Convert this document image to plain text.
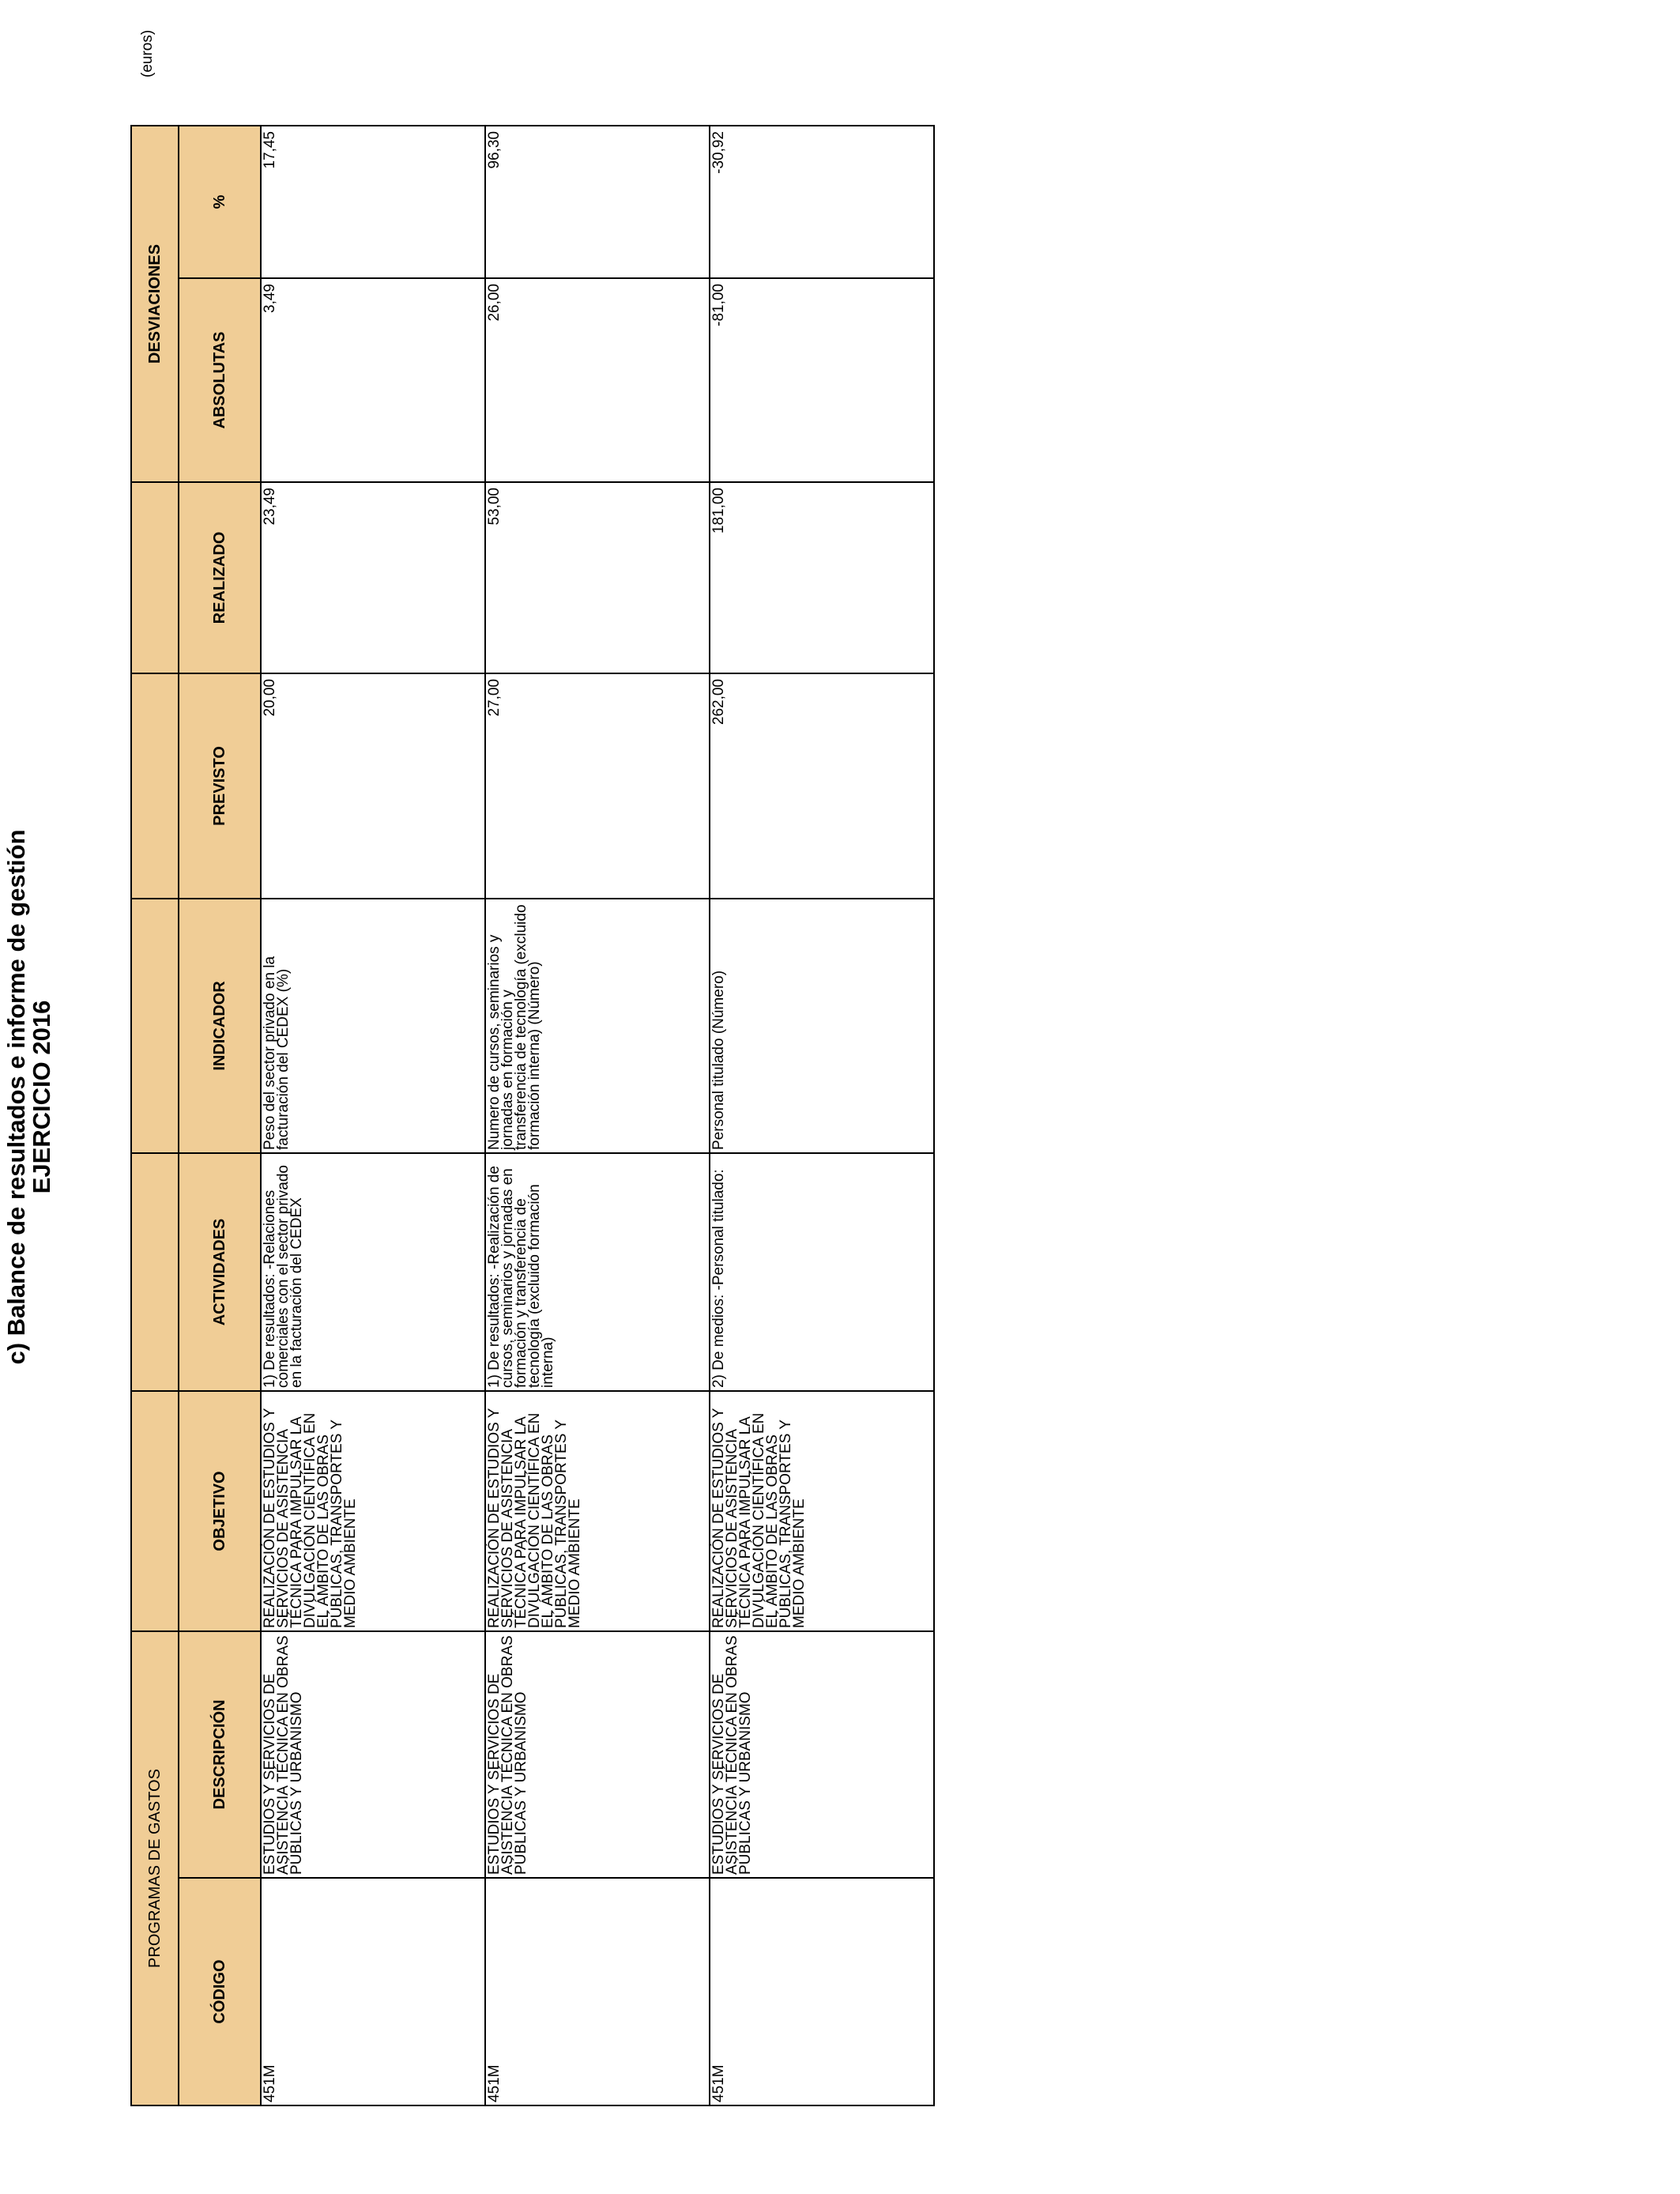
c) Balance de resultados e informe de gestión
EJERCICIO 2016
(euros)
PROGRAMAS DE GASTOS							DESVIACIONES	
CÓDIGO	DESCRIPCIÓN	OBJETIVO	ACTIVIDADES	INDICADOR	PREVISTO	REALIZADO	ABSOLUTAS	%
451M	ESTUDIOS Y SERVICIOS DE ASISTENCIA TÉCNICA EN OBRAS PÚBLICAS Y URBANISMO	REALIZACIÓN DE ESTUDIOS Y SERVICIOS DE ASISTENCIA TÉCNICA PARA IMPULSAR LA DIVULGACIÓN CIENTÍFICA EN EL ÁMBITO DE LAS OBRAS PÚBLICAS, TRANSPORTES Y MEDIO AMBIENTE	1) De resultados: -Relaciones comerciales con el sector privado en la facturación del CEDEX	Peso del sector privado en la facturación del CEDEX (%)	20,00	23,49	3,49	17,45
451M	ESTUDIOS Y SERVICIOS DE ASISTENCIA TÉCNICA EN OBRAS PÚBLICAS Y URBANISMO	REALIZACIÓN DE ESTUDIOS Y SERVICIOS DE ASISTENCIA TÉCNICA PARA IMPULSAR LA DIVULGACIÓN CIENTÍFICA EN EL ÁMBITO DE LAS OBRAS PÚBLICAS, TRANSPORTES Y MEDIO AMBIENTE	1) De resultados: -Realización de cursos, seminarios y jornadas en formación y transferencia de tecnología (excluido formación interna)	Numero de cursos, seminarios y jornadas en formación y transferencia de tecnología (excluido formación interna) (Número)	27,00	53,00	26,00	96,30
451M	ESTUDIOS Y SERVICIOS DE ASISTENCIA TÉCNICA EN OBRAS PÚBLICAS Y URBANISMO	REALIZACIÓN DE ESTUDIOS Y SERVICIOS DE ASISTENCIA TÉCNICA PARA IMPULSAR LA DIVULGACIÓN CIENTÍFICA EN EL ÁMBITO DE LAS OBRAS PÚBLICAS, TRANSPORTES Y MEDIO AMBIENTE	2) De medios: -Personal titulado:	Personal titulado (Número)	262,00	181,00	-81,00	-30,92
